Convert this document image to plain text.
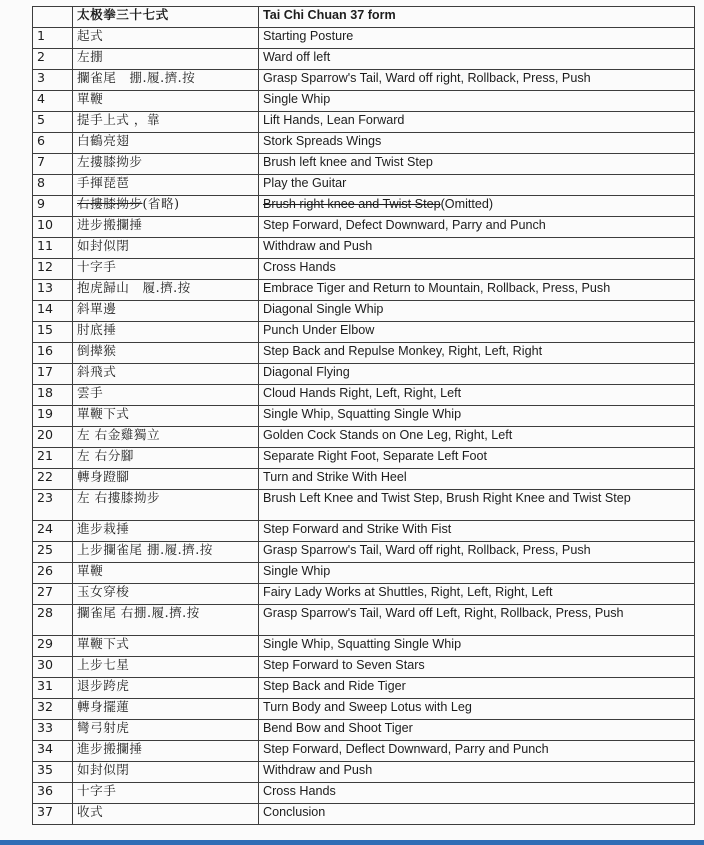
	太极拳三十七式	Tai Chi Chuan 37 form
1	起式	Starting Posture
2	左掤	Ward off left
3	攔雀尾　掤.履.擠.按	Grasp Sparrow's Tail, Ward off right, Rollback, Press, Push
4	單鞭	Single Whip
5	提手上式 ，靠	Lift Hands, Lean Forward
6	白鶴亮翅	Stork Spreads Wings
7	左摟膝拗步	Brush left knee and Twist Step
8	手揮琵琶	Play the Guitar
9	右摟膝拗步(省略)	Brush right knee and Twist Step(Omitted)
10	进步搬攔捶	Step Forward, Defect Downward, Parry and Punch
11	如封似閉	Withdraw and Push
12	十字手	Cross Hands
13	抱虎歸山　履.擠.按	Embrace Tiger and Return to Mountain, Rollback, Press, Push
14	斜單邊	Diagonal Single Whip
15	肘底捶	Punch Under Elbow
16	倒撵猴	Step Back and Repulse Monkey, Right, Left, Right
17	斜飛式	Diagonal Flying
18	雲手	Cloud Hands Right, Left, Right, Left
19	單鞭下式	Single Whip, Squatting Single Whip
20	左 右金雞獨立	Golden Cock Stands on One Leg, Right, Left
21	左 右分腳	Separate Right Foot, Separate Left Foot
22	轉身蹬腳	Turn and Strike With Heel
23	左 右摟膝拗步	Brush Left Knee and Twist Step, Brush Right Knee and Twist Step
24	進步栽捶	Step Forward and Strike With Fist
25	上步攔雀尾 掤.履.擠.按	Grasp Sparrow's Tail, Ward off right, Rollback, Press, Push
26	單鞭	Single Whip
27	玉女穿梭	Fairy Lady Works at Shuttles, Right, Left, Right, Left
28	攔雀尾 右掤.履.擠.按	Grasp Sparrow's Tail, Ward off Left, Right, Rollback, Press, Push
29	單鞭下式	Single Whip, Squatting Single Whip
30	上步七星	Step Forward to Seven Stars
31	退步跨虎	Step Back and Ride Tiger
32	轉身擺蓮	Turn Body and Sweep Lotus with Leg
33	彎弓射虎	Bend Bow and Shoot Tiger
34	進步搬攔捶	Step Forward, Deflect Downward, Parry and Punch
35	如封似閉	Withdraw and Push
36	十字手	Cross Hands
37	收式	Conclusion
